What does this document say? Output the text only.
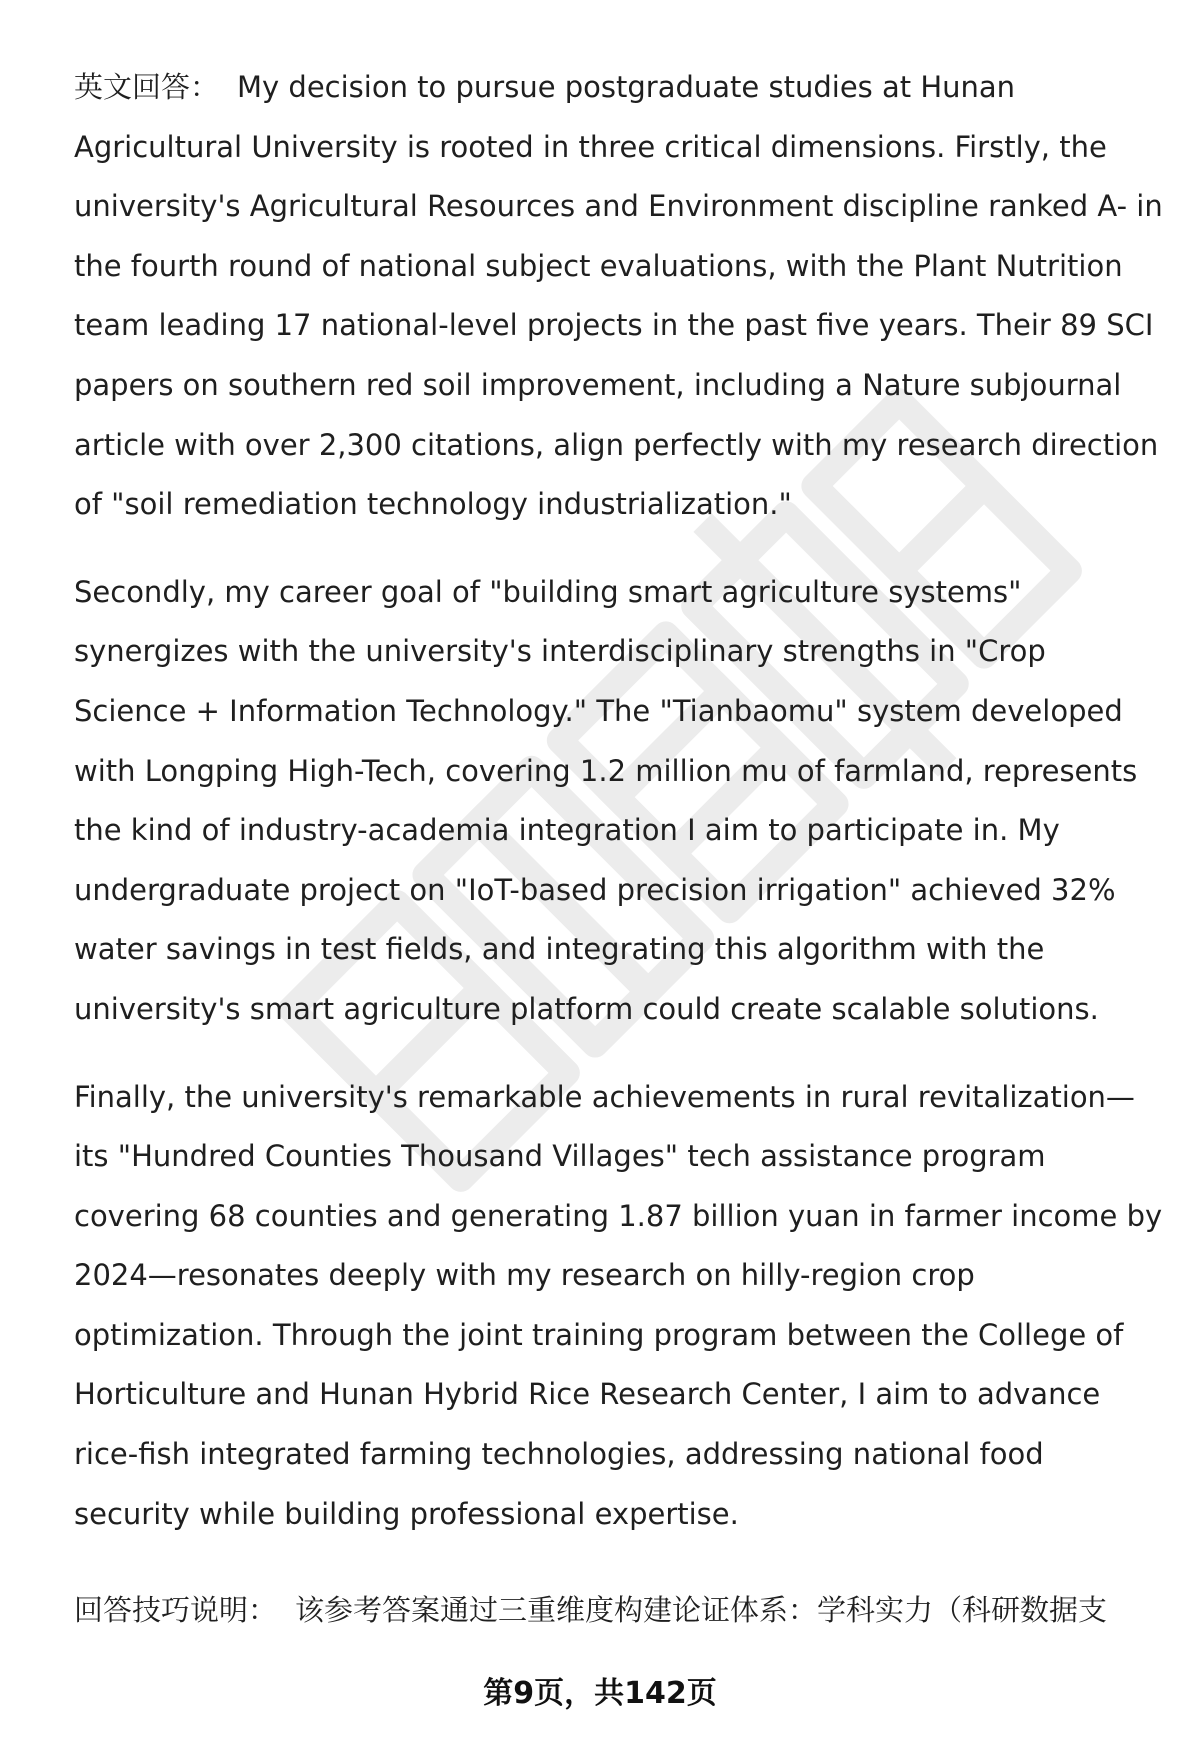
英文回答： My decision to pursue postgraduate studies at Hunan Agricultural University is rooted in three critical dimensions. Firstly, the university's Agricultural Resources and Environment discipline ranked A- in the fourth round of national subject evaluations, with the Plant Nutrition team leading 17 national-level projects in the past five years. Their 89 SCI papers on southern red soil improvement, including a Nature subjournal article with over 2,300 citations, align perfectly with my research direction of "soil remediation technology industrialization."

Secondly, my career goal of "building smart agriculture systems" synergizes with the university's interdisciplinary strengths in "Crop Science + Information Technology." The "Tianbaomu" system developed with Longping High-Tech, covering 1.2 million mu of farmland, represents the kind of industry-academia integration I aim to participate in. My undergraduate project on "IoT-based precision irrigation" achieved 32% water savings in test fields, and integrating this algorithm with the university's smart agriculture platform could create scalable solutions.

Finally, the university's remarkable achievements in rural revitalization—its "Hundred Counties Thousand Villages" tech assistance program covering 68 counties and generating 1.87 billion yuan in farmer income by 2024—resonates deeply with my research on hilly-region crop optimization. Through the joint training program between the College of Horticulture and Hunan Hybrid Rice Research Center, I aim to advance rice-fish integrated farming technologies, addressing national food security while building professional expertise.

回答技巧说明： 该参考答案通过三重维度构建论证体系：学科实力（科研数据支
第9页，共142页
